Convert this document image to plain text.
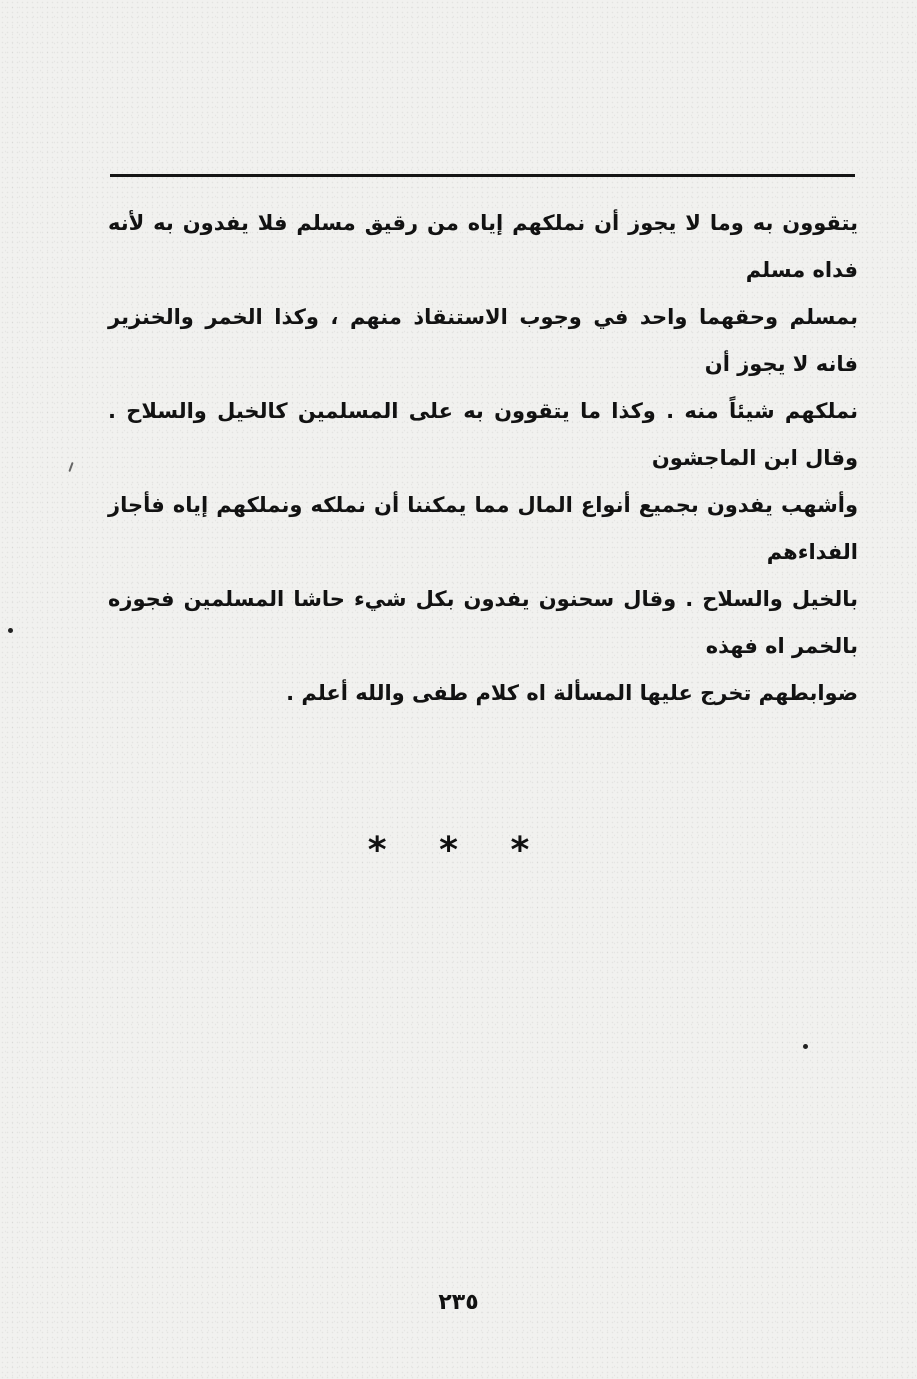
يتقوون به وما لا يجوز أن نملكهم إياه من رقيق مسلم فلا يفدون به لأنه فداه مسلم
بمسلم وحقهما واحد في وجوب الاستنقاذ منهم ، وكذا الخمر والخنزير فانه لا يجوز أن
نملكهم شيئاً منه . وكذا ما يتقوون به على المسلمين كالخيل والسلاح . وقال ابن الماجشون
وأشهب يفدون بجميع أنواع المال مما يمكننا أن نملكه ونملكهم إياه فأجاز الفداءهم
بالخيل والسلاح . وقال سحنون يفدون بكل شيء حاشا المسلمين فجوزه بالخمر اه فهذه
ضوابطهم تخرج عليها المسألة اه كلام طفى والله أعلم .
* * *
٢٣٥
